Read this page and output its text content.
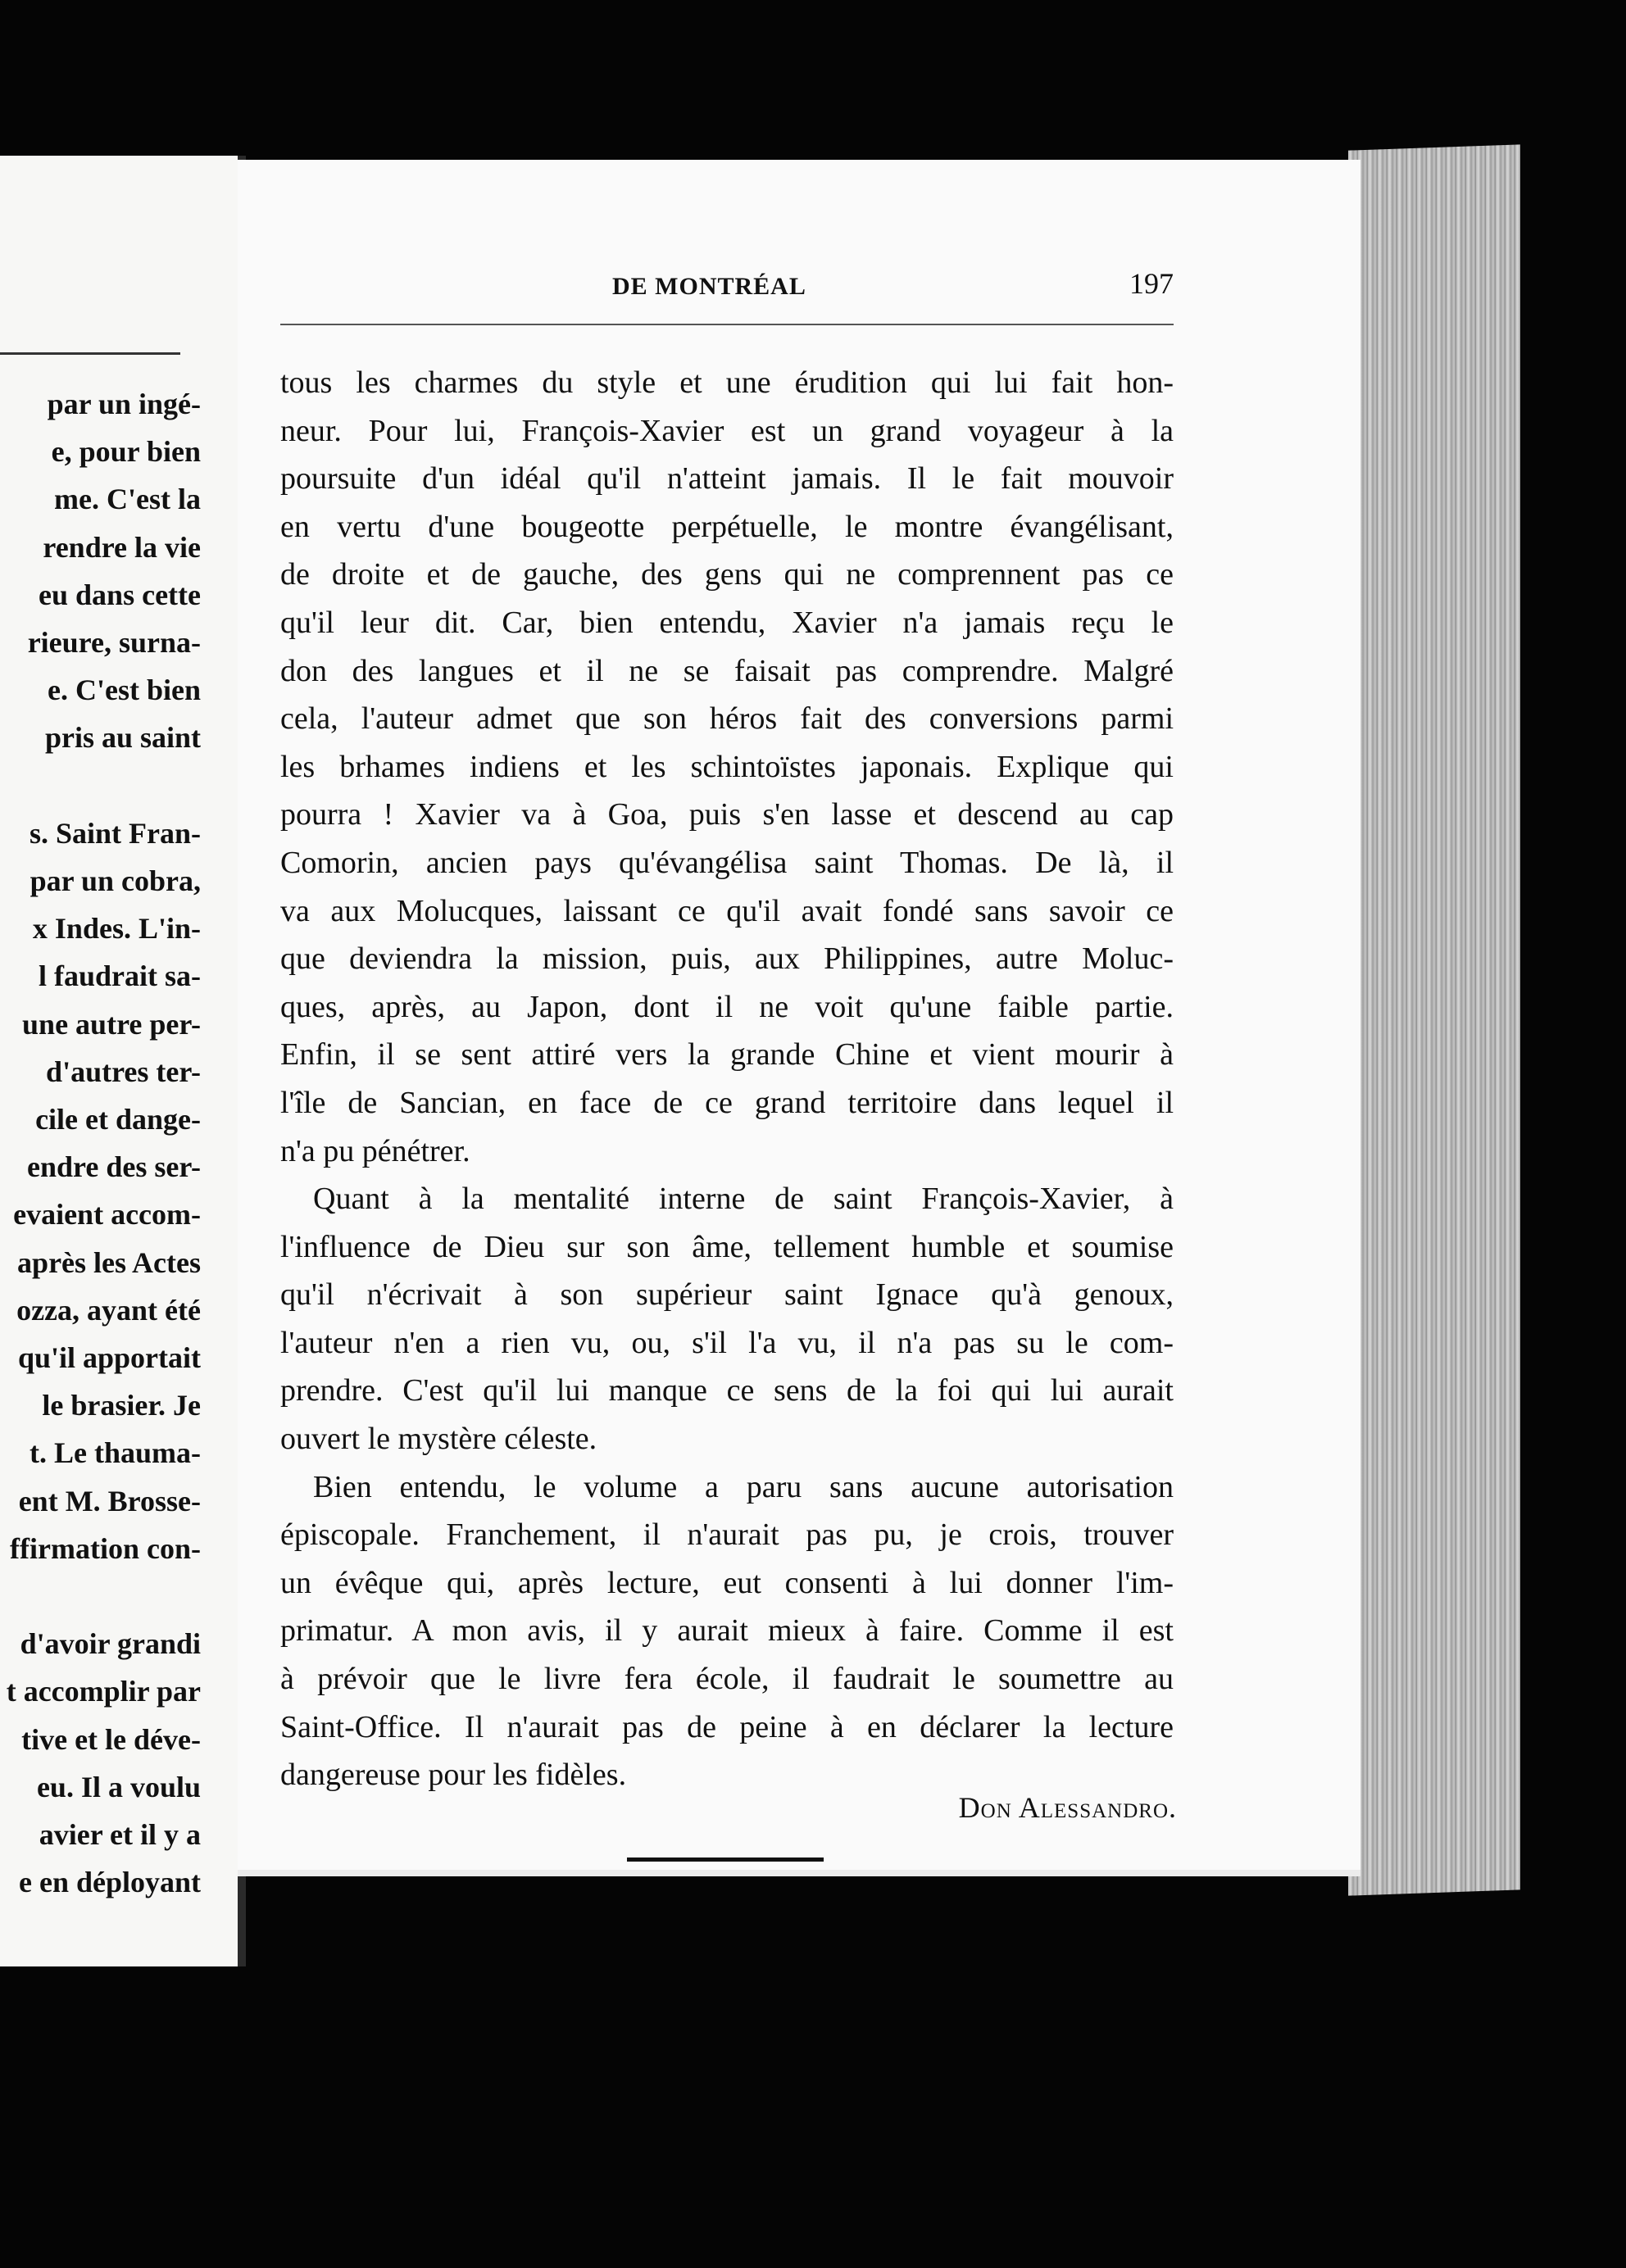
par un ingé-
e, pour bien
me. C'est la
rendre la vie
eu dans cette
rieure, surna-
e. C'est bien
pris au saint
s. Saint Fran-
par un cobra,
x Indes. L'in-
l faudrait sa-
une autre per-
d'autres ter-
cile et dange-
endre des ser-
evaient accom-
après les Actes
ozza, ayant été
qu'il apportait
le brasier. Je
t. Le thauma-
ent M. Brosse-
ffirmation con-
d'avoir grandi
t accomplir par
tive et le déve-
eu. Il a voulu
avier et il y a
e en déployant
DE MONTRÉAL	197
tous les charmes du style et une érudition qui lui fait hon-
neur. Pour lui, François-Xavier est un grand voyageur à la
poursuite d'un idéal qu'il n'atteint jamais. Il le fait mouvoir
en vertu d'une bougeotte perpétuelle, le montre évangélisant,
de droite et de gauche, des gens qui ne comprennent pas ce
qu'il leur dit. Car, bien entendu, Xavier n'a jamais reçu le
don des langues et il ne se faisait pas comprendre. Malgré
cela, l'auteur admet que son héros fait des conversions parmi
les brhames indiens et les schintoïstes japonais. Explique qui
pourra ! Xavier va à Goa, puis s'en lasse et descend au cap
Comorin, ancien pays qu'évangélisa saint Thomas. De là, il
va aux Molucques, laissant ce qu'il avait fondé sans savoir ce
que deviendra la mission, puis, aux Philippines, autre Moluc-
ques, après, au Japon, dont il ne voit qu'une faible partie.
Enfin, il se sent attiré vers la grande Chine et vient mourir à
l'île de Sancian, en face de ce grand territoire dans lequel il
n'a pu pénétrer.
Quant à la mentalité interne de saint François-Xavier, à
l'influence de Dieu sur son âme, tellement humble et soumise
qu'il n'écrivait à son supérieur saint Ignace qu'à genoux,
l'auteur n'en a rien vu, ou, s'il l'a vu, il n'a pas su le com-
prendre. C'est qu'il lui manque ce sens de la foi qui lui aurait
ouvert le mystère céleste.
Bien entendu, le volume a paru sans aucune autorisation
épiscopale. Franchement, il n'aurait pas pu, je crois, trouver
un évêque qui, après lecture, eut consenti à lui donner l'im-
primatur. A mon avis, il y aurait mieux à faire. Comme il est
à prévoir que le livre fera école, il faudrait le soumettre au
Saint-Office. Il n'aurait pas de peine à en déclarer la lecture
dangereuse pour les fidèles.
Don Alessandro.
